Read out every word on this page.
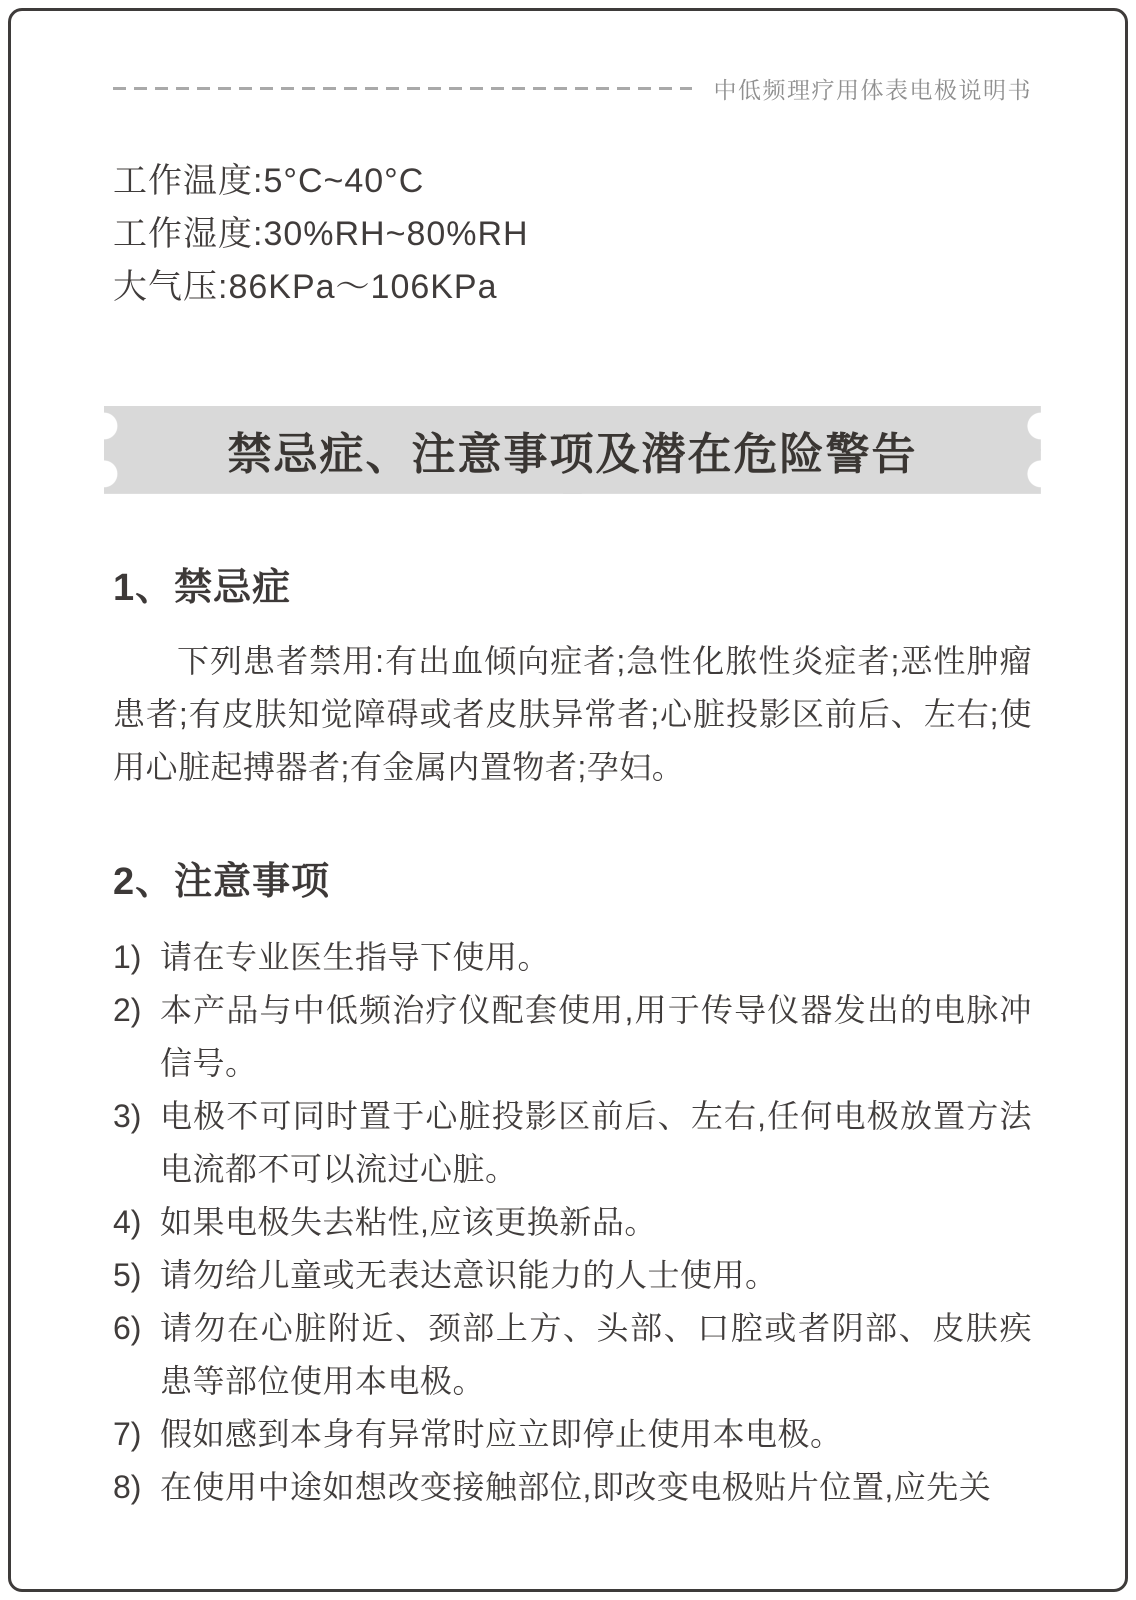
中低频理疗用体表电极说明书
工作温度:5°C~40°C
工作湿度:30%RH~80%RH
大气压:86KPa～106KPa
禁忌症、注意事项及潜在危险警告
1、禁忌症
下列患者禁用:有出血倾向症者;急性化脓性炎症者;恶性肿瘤患者;有皮肤知觉障碍或者皮肤异常者;心脏投影区前后、左右;使用心脏起搏器者;有金属内置物者;孕妇。
2、注意事项
1) 请在专业医生指导下使用。
2) 本产品与中低频治疗仪配套使用,用于传导仪器发出的电脉冲信号。
3) 电极不可同时置于心脏投影区前后、左右,任何电极放置方法电流都不可以流过心脏。
4) 如果电极失去粘性,应该更换新品。
5) 请勿给儿童或无表达意识能力的人士使用。
6) 请勿在心脏附近、颈部上方、头部、口腔或者阴部、皮肤疾患等部位使用本电极。
7) 假如感到本身有异常时应立即停止使用本电极。
8) 在使用中途如想改变接触部位,即改变电极贴片位置,应先关
